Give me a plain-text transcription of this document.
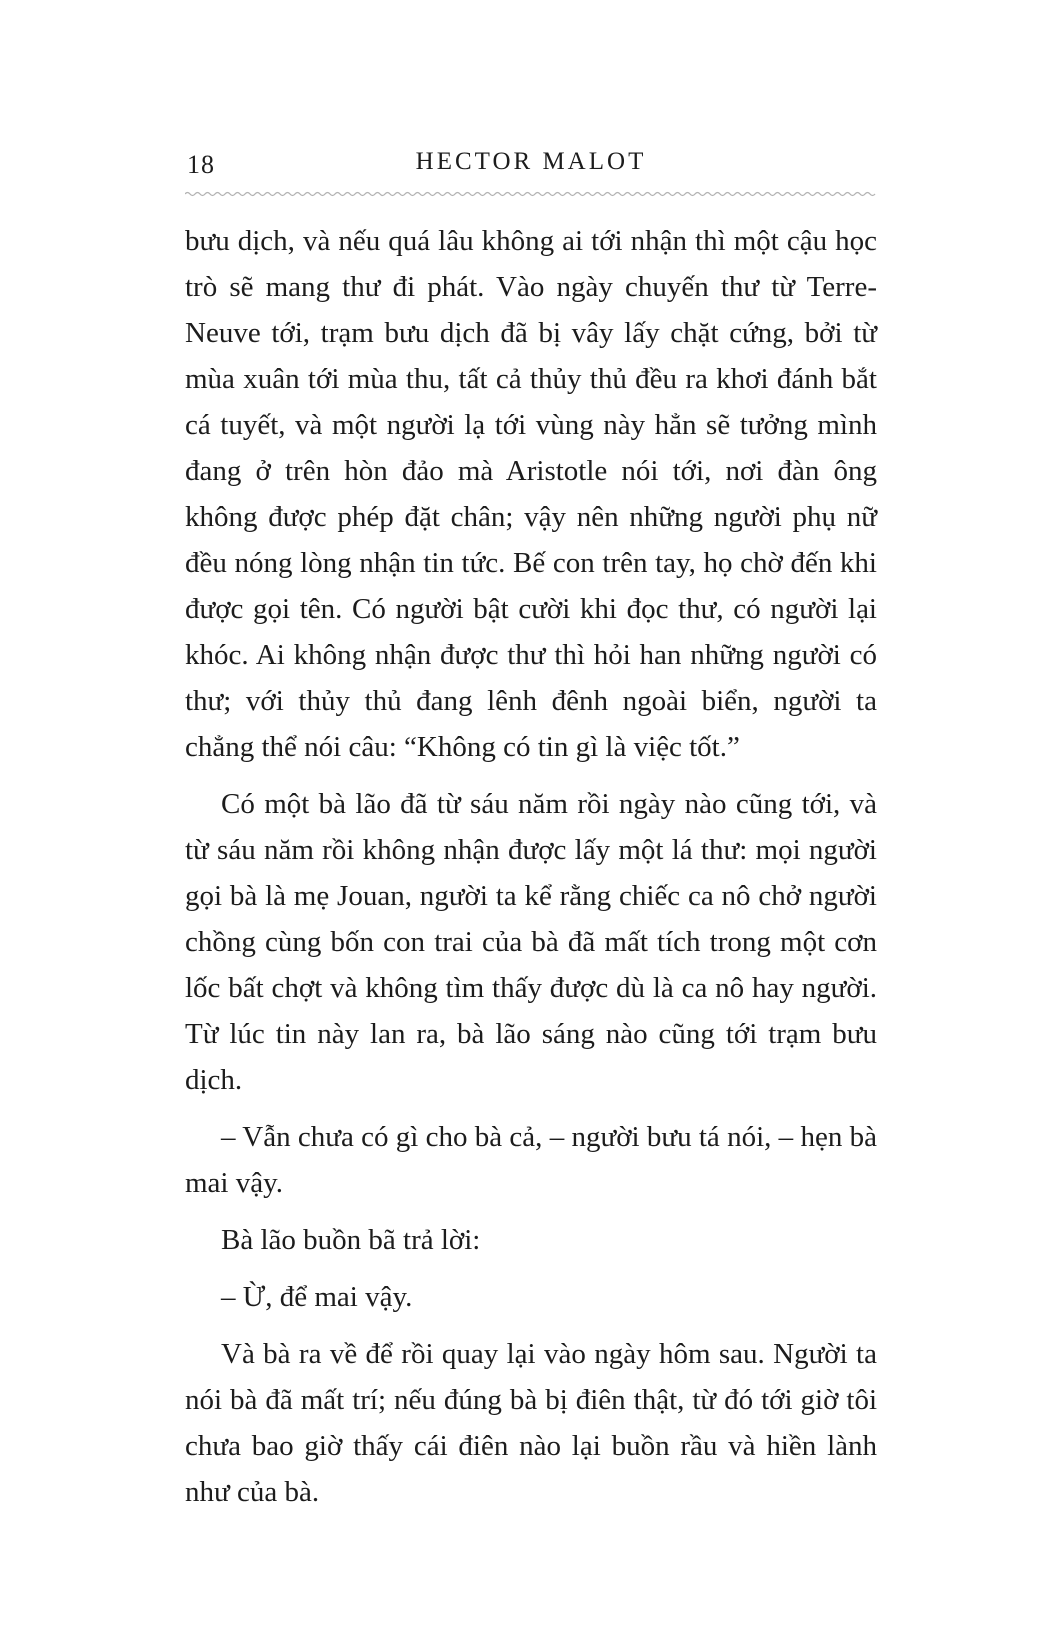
18	HECTOR MALOT

bưu dịch, và nếu quá lâu không ai tới nhận thì một cậu học trò sẽ mang thư đi phát. Vào ngày chuyến thư từ Terre-Neuve tới, trạm bưu dịch đã bị vây lấy chặt cứng, bởi từ mùa xuân tới mùa thu, tất cả thủy thủ đều ra khơi đánh bắt cá tuyết, và một người lạ tới vùng này hẳn sẽ tưởng mình đang ở trên hòn đảo mà Aristotle nói tới, nơi đàn ông không được phép đặt chân; vậy nên những người phụ nữ đều nóng lòng nhận tin tức. Bế con trên tay, họ chờ đến khi được gọi tên. Có người bật cười khi đọc thư, có người lại khóc. Ai không nhận được thư thì hỏi han những người có thư; với thủy thủ đang lênh đênh ngoài biển, người ta chẳng thể nói câu: “Không có tin gì là việc tốt.”

Có một bà lão đã từ sáu năm rồi ngày nào cũng tới, và từ sáu năm rồi không nhận được lấy một lá thư: mọi người gọi bà là mẹ Jouan, người ta kể rằng chiếc ca nô chở người chồng cùng bốn con trai của bà đã mất tích trong một cơn lốc bất chợt và không tìm thấy được dù là ca nô hay người. Từ lúc tin này lan ra, bà lão sáng nào cũng tới trạm bưu dịch.

– Vẫn chưa có gì cho bà cả, – người bưu tá nói, – hẹn bà mai vậy.

Bà lão buồn bã trả lời:

– Ừ, để mai vậy.

Và bà ra về để rồi quay lại vào ngày hôm sau. Người ta nói bà đã mất trí; nếu đúng bà bị điên thật, từ đó tới giờ tôi chưa bao giờ thấy cái điên nào lại buồn rầu và hiền lành như của bà.
